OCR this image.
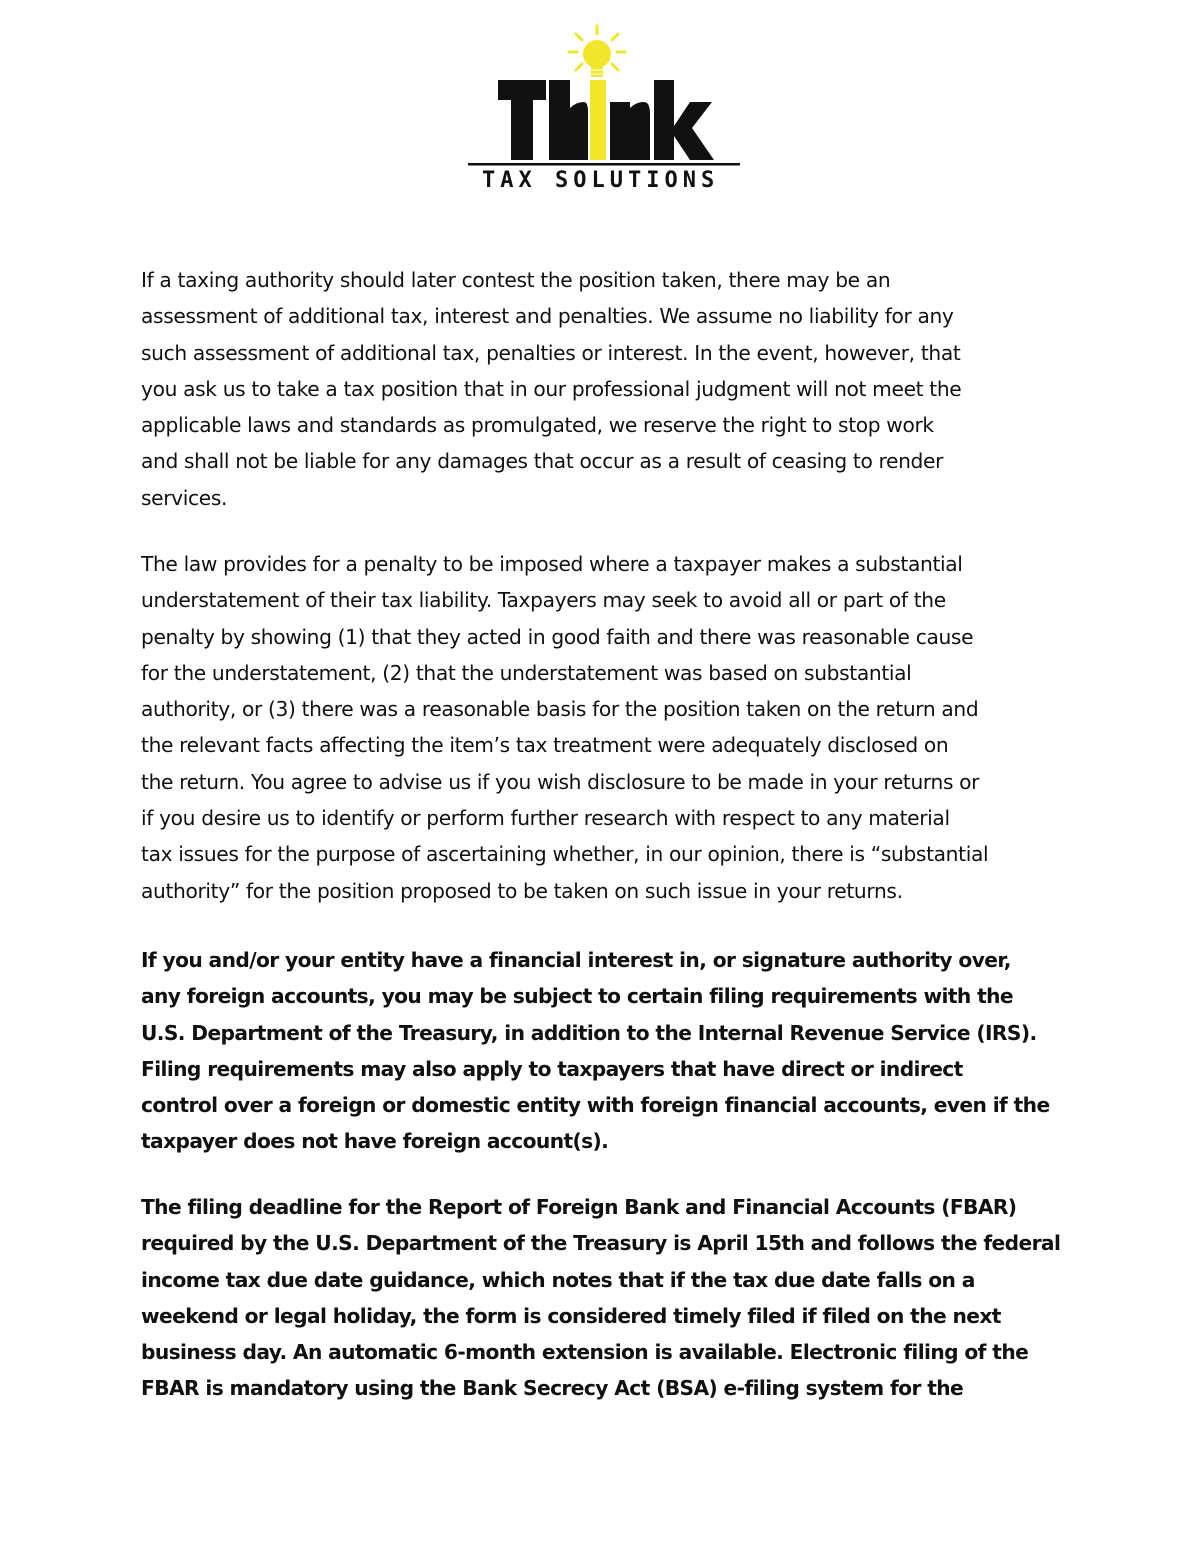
TAX SOLUTIONS

If a taxing authority should later contest the position taken, there may be an
assessment of additional tax, interest and penalties. We assume no liability for any
such assessment of additional tax, penalties or interest. In the event, however, that
you ask us to take a tax position that in our professional judgment will not meet the
applicable laws and standards as promulgated, we reserve the right to stop work
and shall not be liable for any damages that occur as a result of ceasing to render
services.

The law provides for a penalty to be imposed where a taxpayer makes a substantial
understatement of their tax liability. Taxpayers may seek to avoid all or part of the
penalty by showing (1) that they acted in good faith and there was reasonable cause
for the understatement, (2) that the understatement was based on substantial
authority, or (3) there was a reasonable basis for the position taken on the return and
the relevant facts affecting the item’s tax treatment were adequately disclosed on
the return. You agree to advise us if you wish disclosure to be made in your returns or
if you desire us to identify or perform further research with respect to any material
tax issues for the purpose of ascertaining whether, in our opinion, there is “substantial
authority” for the position proposed to be taken on such issue in your returns.

If you and/or your entity have a financial interest in, or signature authority over,
any foreign accounts, you may be subject to certain filing requirements with the
U.S. Department of the Treasury, in addition to the Internal Revenue Service (IRS).
Filing requirements may also apply to taxpayers that have direct or indirect
control over a foreign or domestic entity with foreign financial accounts, even if the
taxpayer does not have foreign account(s).

The filing deadline for the Report of Foreign Bank and Financial Accounts (FBAR)
required by the U.S. Department of the Treasury is April 15th and follows the federal
income tax due date guidance, which notes that if the tax due date falls on a
weekend or legal holiday, the form is considered timely filed if filed on the next
business day. An automatic 6-month extension is available. Electronic filing of the
FBAR is mandatory using the Bank Secrecy Act (BSA) e-filing system for the
